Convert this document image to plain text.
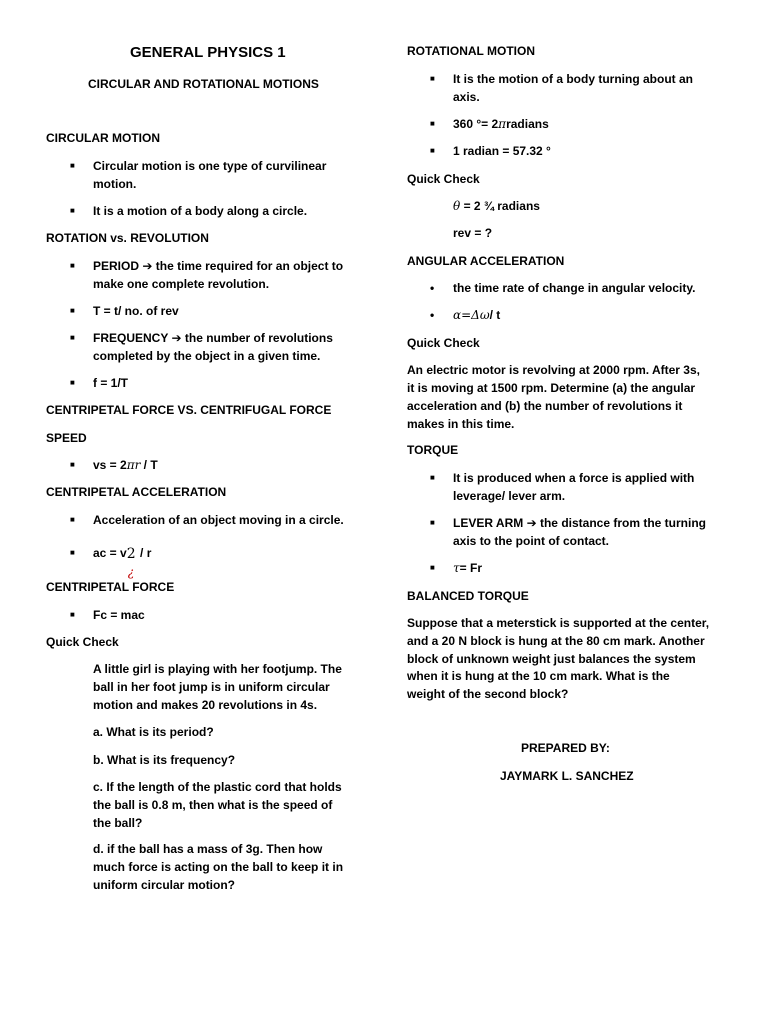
GENERAL PHYSICS 1
CIRCULAR AND ROTATIONAL MOTIONS
CIRCULAR MOTION
■ Circular motion is one type of curvilinear
motion.
■ It is a motion of a body along a circle.
ROTATION vs. REVOLUTION
■ PERIOD ➔ the time required for an object to
make one complete revolution.
■ T = t/ no. of rev
■ FREQUENCY ➔ the number of revolutions
completed by the object in a given time.
■ f = 1/T
CENTRIPETAL FORCE VS. CENTRIFUGAL FORCE
SPEED
■ vs = 2πr / T
CENTRIPETAL ACCELERATION
■ Acceleration of an object moving in a circle.
■ ac = v 2
¿
/ r
CENTRIPETAL FORCE
■ Fc = mac
Quick Check
A little girl is playing with her footjump. The
ball in her foot jump is in uniform circular
motion and makes 20 revolutions in 4s.
a. What is its period?
b. What is its frequency?
c. If the length of the plastic cord that holds
the ball is 0.8 m, then what is the speed of
the ball?
d. if the ball has a mass of 3g. Then how
much force is acting on the ball to keep it in
uniform circular motion?
ROTATIONAL MOTION
■ It is the motion of a body turning about an
axis.
■ 360 °= 2πradians
■ 1 radian = 57.32 °
Quick Check
θ = 2 ¾ radians
rev = ?
ANGULAR ACCELERATION
• the time rate of change in angular velocity.
• α=Δω/ t
Quick Check
An electric motor is revolving at 2000 rpm. After 3s,
it is moving at 1500 rpm. Determine (a) the angular
acceleration and (b) the number of revolutions it
makes in this time.
TORQUE
■ It is produced when a force is applied with
leverage/ lever arm.
■ LEVER ARM ➔ the distance from the turning
axis to the point of contact.
■ τ= Fr
BALANCED TORQUE
Suppose that a meterstick is supported at the center,
and a 20 N block is hung at the 80 cm mark. Another
block of unknown weight just balances the system
when it is hung at the 10 cm mark. What is the
weight of the second block?
PREPARED BY:
JAYMARK L. SANCHEZ
